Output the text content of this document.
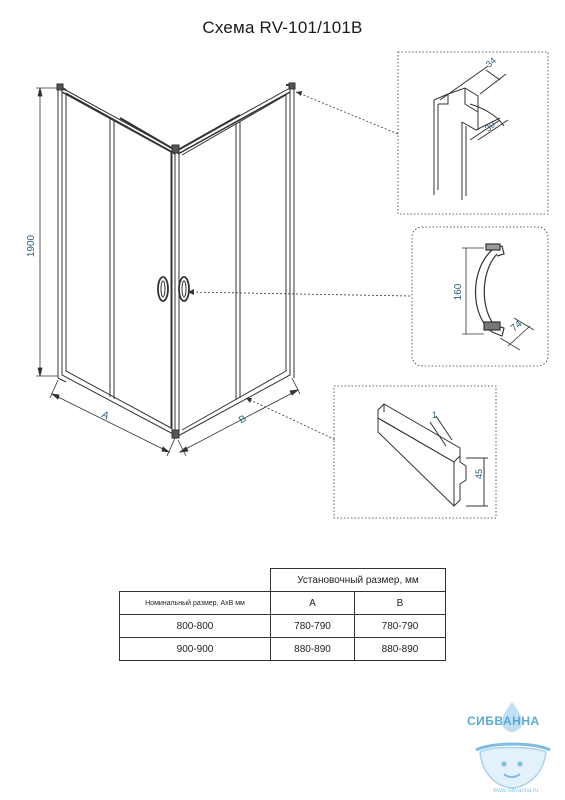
Схема RV-101/101B
1900
A	B
34
30
160
74
1
45
	Установочный размер, мм	
Номинальный размер, AxB мм	A	B
800-800	780-790	780-790
900-900	880-890	880-890
СИБВАННА
www.sibvanna.ru
